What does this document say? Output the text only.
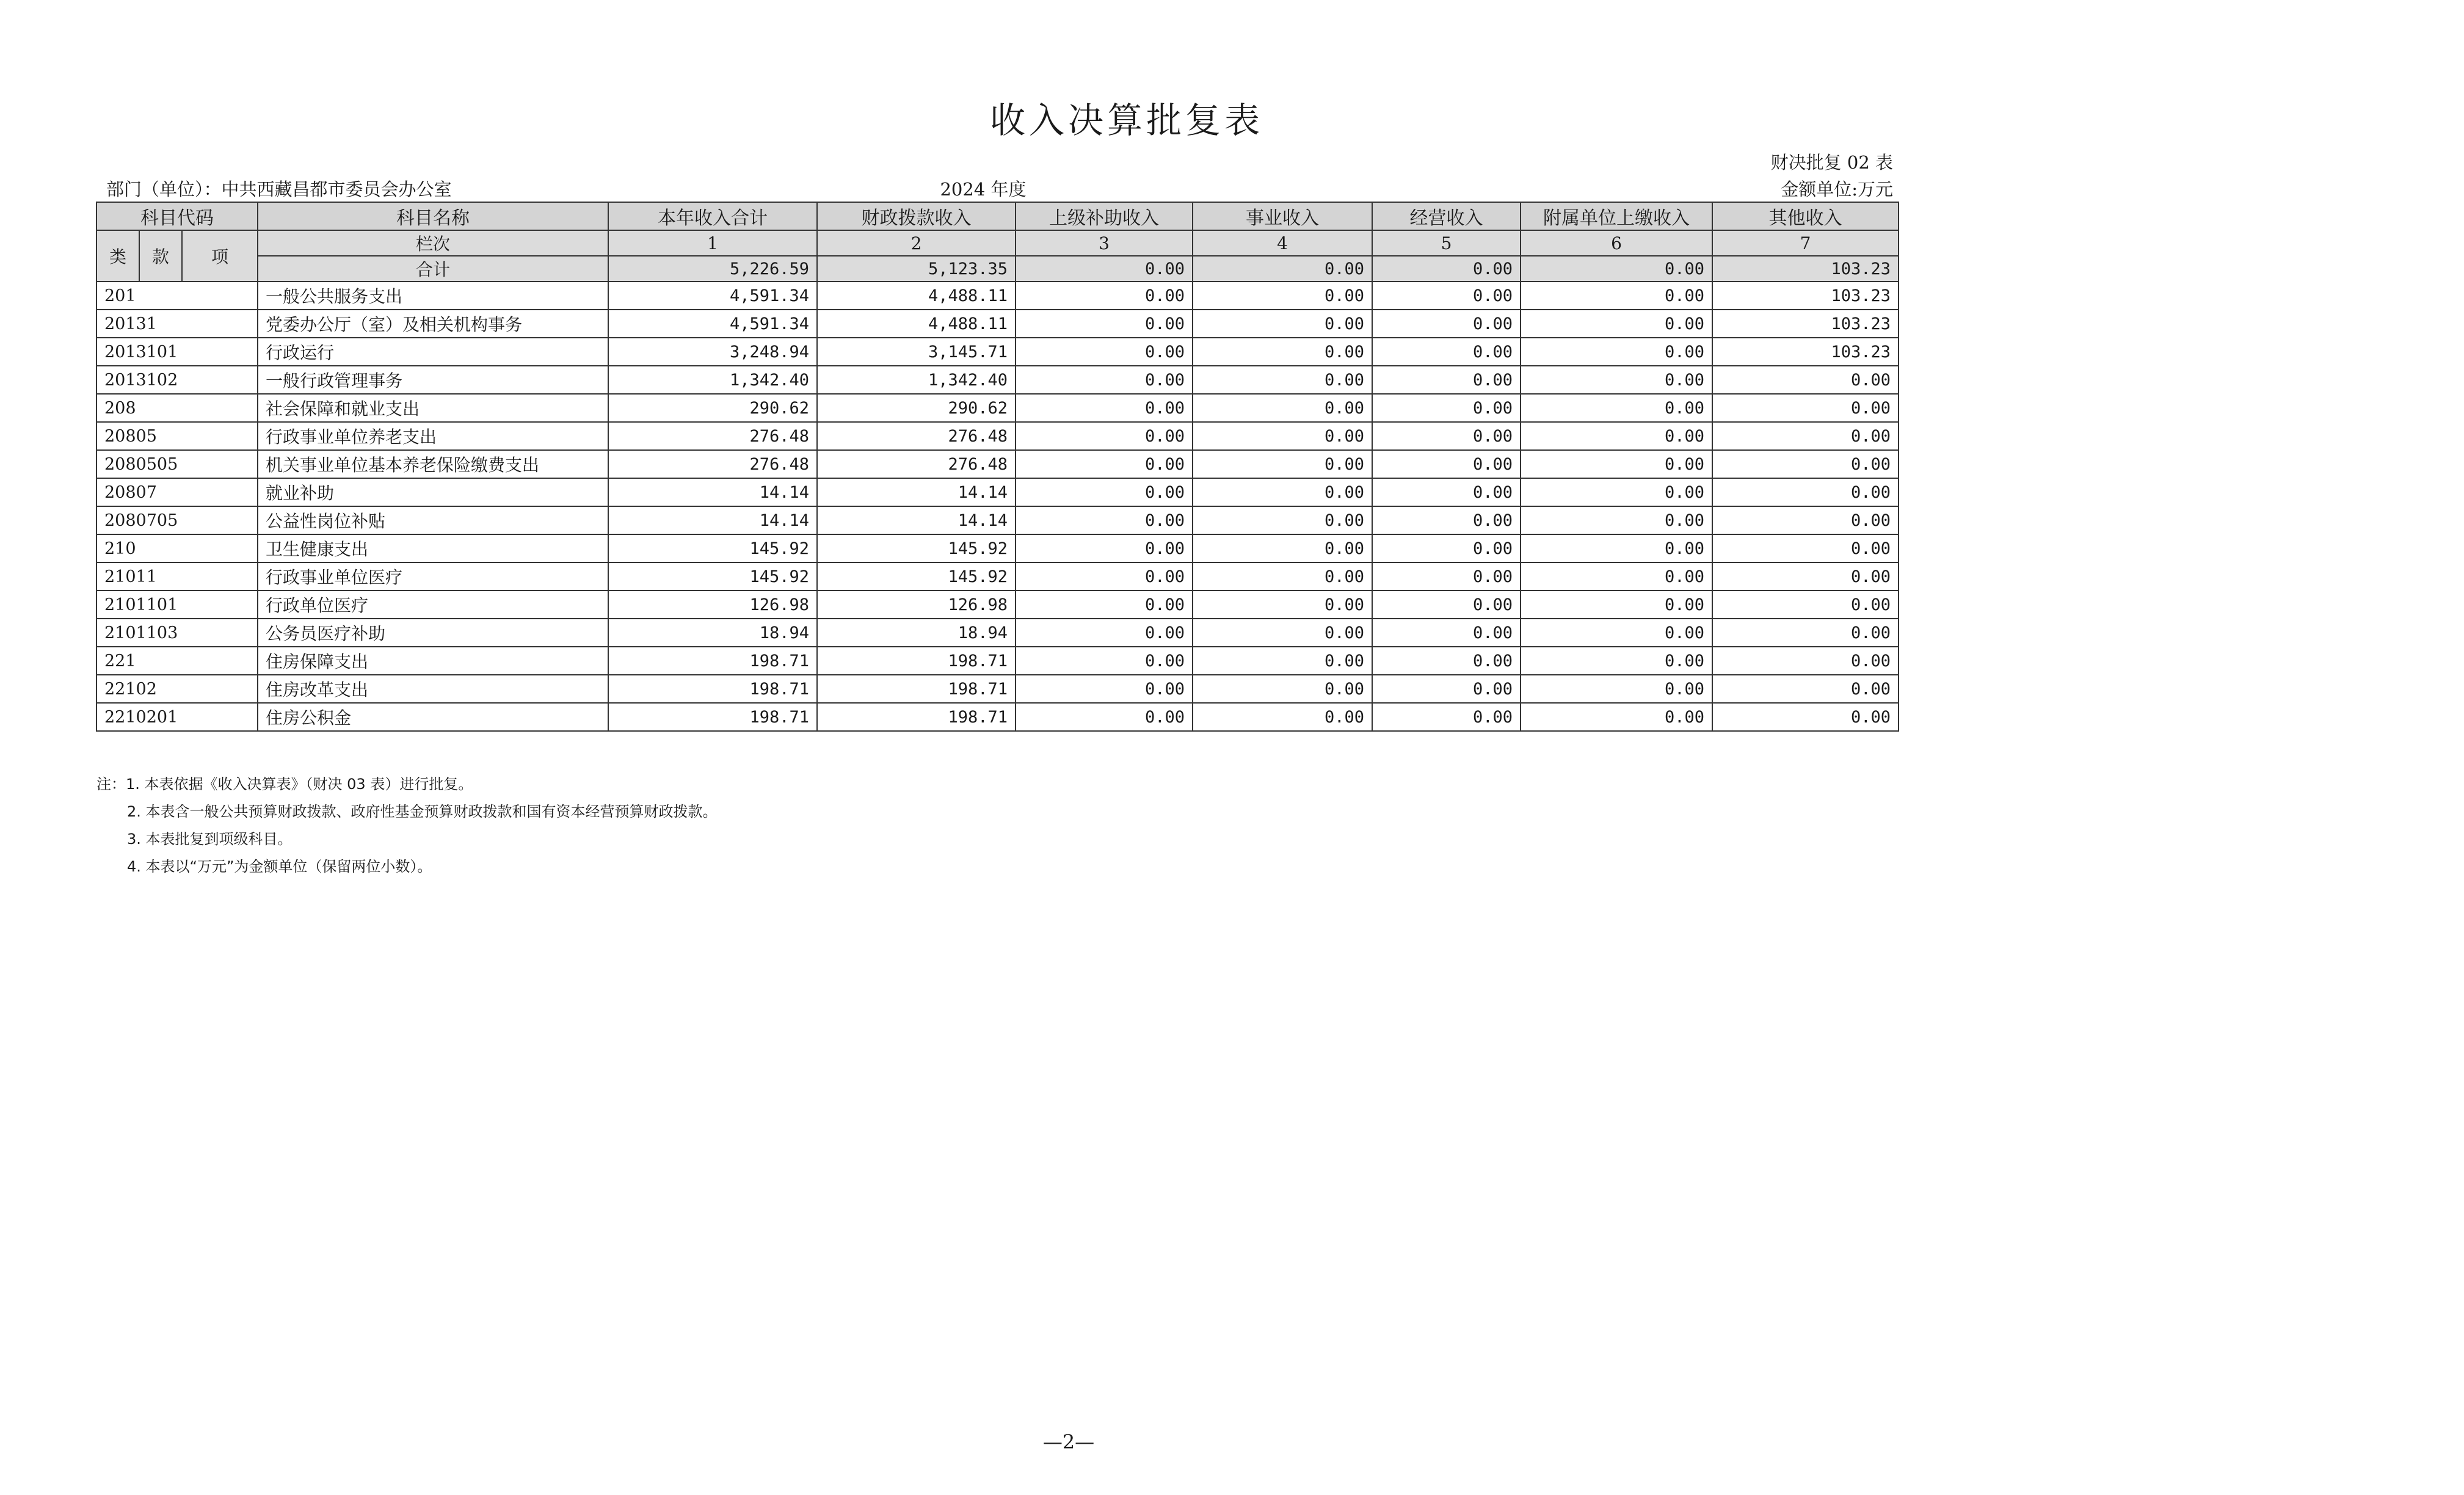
收入决算批复表
财决批复 02 表
部门（单位）：中共西藏昌都市委员会办公室	2024 年度	金额单位:万元
科目代码			科目名称	本年收入合计	财政拨款收入	上级补助收入	事业收入	经营收入	附属单位上缴收入	其他收入
类	款	项	栏次	1	2	3	4	5	6	7
			合计	5,226.59	5,123.35	0.00	0.00	0.00	0.00	103.23
201			一般公共服务支出	4,591.34	4,488.11	0.00	0.00	0.00	0.00	103.23
20131			党委办公厅（室）及相关机构事务	4,591.34	4,488.11	0.00	0.00	0.00	0.00	103.23
2013101			行政运行	3,248.94	3,145.71	0.00	0.00	0.00	0.00	103.23
2013102			一般行政管理事务	1,342.40	1,342.40	0.00	0.00	0.00	0.00	0.00
208			社会保障和就业支出	290.62	290.62	0.00	0.00	0.00	0.00	0.00
20805			行政事业单位养老支出	276.48	276.48	0.00	0.00	0.00	0.00	0.00
2080505			机关事业单位基本养老保险缴费支出	276.48	276.48	0.00	0.00	0.00	0.00	0.00
20807			就业补助	14.14	14.14	0.00	0.00	0.00	0.00	0.00
2080705			公益性岗位补贴	14.14	14.14	0.00	0.00	0.00	0.00	0.00
210			卫生健康支出	145.92	145.92	0.00	0.00	0.00	0.00	0.00
21011			行政事业单位医疗	145.92	145.92	0.00	0.00	0.00	0.00	0.00
2101101			行政单位医疗	126.98	126.98	0.00	0.00	0.00	0.00	0.00
2101103			公务员医疗补助	18.94	18.94	0.00	0.00	0.00	0.00	0.00
221			住房保障支出	198.71	198.71	0.00	0.00	0.00	0.00	0.00
22102			住房改革支出	198.71	198.71	0.00	0.00	0.00	0.00	0.00
2210201			住房公积金	198.71	198.71	0.00	0.00	0.00	0.00	0.00
注：1. 本表依据《收入决算表》（财决 03 表）进行批复。
2. 本表含一般公共预算财政拨款、政府性基金预算财政拨款和国有资本经营预算财政拨款。
3. 本表批复到项级科目。
4. 本表以“万元”为金额单位（保留两位小数）。
—2—
